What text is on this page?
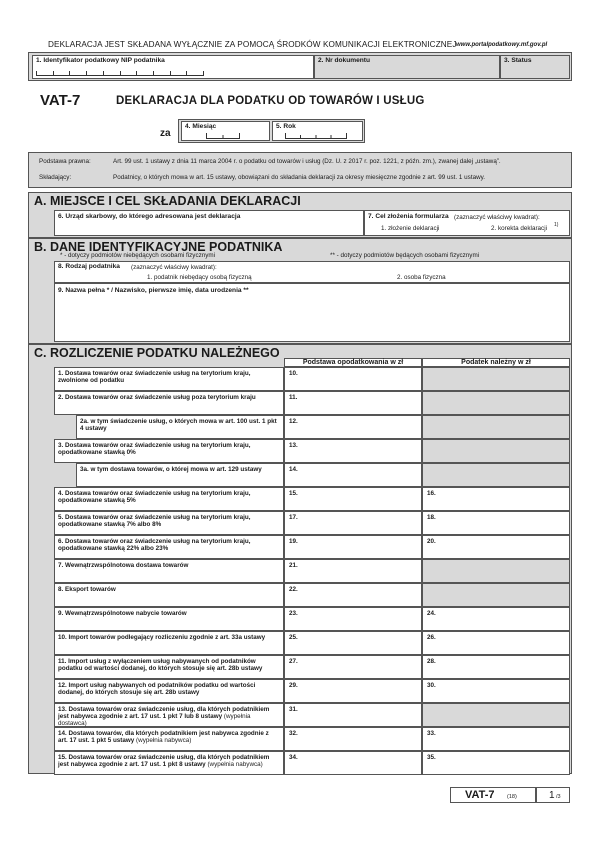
DEKLARACJA JEST SKŁADANA WYŁĄCZNIE ZA POMOCĄ ŚRODKÓW KOMUNIKACJI ELEKTRONICZNEJ www.portalpodatkowy.mf.gov.pl
1. Identyfikator podatkowy NIP podatnika	2. Nr dokumentu	3. Status
VAT-7	DEKLARACJA DLA PODATKU OD TOWARÓW I USŁUG
za
4. Miesiąc	5. Rok
Podstawa prawna:	Art. 99 ust. 1 ustawy z dnia 11 marca 2004 r. o podatku od towarów i usług (Dz. U. z 2017 r. poz. 1221, z późn. zm.), zwanej dalej „ustawą”.
Składający:	Podatnicy, o których mowa w art. 15 ustawy, obowiązani do składania deklaracji za okresy miesięczne zgodnie z art. 99 ust. 1 ustawy.
A. MIEJSCE I CEL SKŁADANIA DEKLARACJI
6. Urząd skarbowy, do którego adresowana jest deklaracja	7. Cel złożenia formularza (zaznaczyć właściwy kwadrat):
1. złożenie deklaracji	2. korekta deklaracji 1)
B. DANE IDENTYFIKACYJNE PODATNIKA
* - dotyczy podmiotów niebędących osobami fizycznymi	** - dotyczy podmiotów będących osobami fizycznymi
8. Rodzaj podatnika (zaznaczyć właściwy kwadrat):
1. podatnik niebędący osobą fizyczną	2. osoba fizyczna
9. Nazwa pełna * / Nazwisko, pierwsze imię, data urodzenia **
C. ROZLICZENIE PODATKU NALEŻNEGO
Podstawa opodatkowania w zł	Podatek należny w zł
1. Dostawa towarów oraz świadczenie usług na terytorium kraju, zwolnione od podatku
10.
2. Dostawa towarów oraz świadczenie usług poza terytorium kraju	11.
2a. w tym świadczenie usług, o których mowa w art. 100 ust. 1 pkt 4 ustawy
12.
3. Dostawa towarów oraz świadczenie usług na terytorium kraju, opodatkowane stawką 0%
13.
3a. w tym dostawa towarów, o której mowa w art. 129 ustawy	14.
4. Dostawa towarów oraz świadczenie usług na terytorium kraju, opodatkowane stawką 5%
15.	16.
5. Dostawa towarów oraz świadczenie usług na terytorium kraju, opodatkowane stawką 7% albo 8%
17.	18.
6. Dostawa towarów oraz świadczenie usług na terytorium kraju, opodatkowane stawką 22% albo 23%
19.	20.
7. Wewnątrzwspólnotowa dostawa towarów	21.
8. Eksport towarów	22.
9. Wewnątrzwspólnotowe nabycie towarów	23.	24.
10. Import towarów podlegający rozliczeniu zgodnie z art. 33a ustawy	25.	26.
11. Import usług z wyłączeniem usług nabywanych od podatników podatku od wartości dodanej, do których stosuje się art. 28b ustawy
27.	28.
12. Import usług nabywanych od podatników podatku od wartości dodanej, do których stosuje się art. 28b ustawy
29.	30.
13. Dostawa towarów oraz świadczenie usług, dla których podatnikiem jest nabywca zgodnie z art. 17 ust. 1 pkt 7 lub 8 ustawy (wypełnia dostawca)
31.
14. Dostawa towarów, dla których podatnikiem jest nabywca zgodnie z art. 17 ust. 1 pkt 5 ustawy (wypełnia nabywca)
32.	33.
15. Dostawa towarów oraz świadczenie usług, dla których podatnikiem jest nabywca zgodnie z art. 17 ust. 1 pkt 8 ustawy (wypełnia nabywca)
34.	35.
VAT-7 (18)	1 /3
